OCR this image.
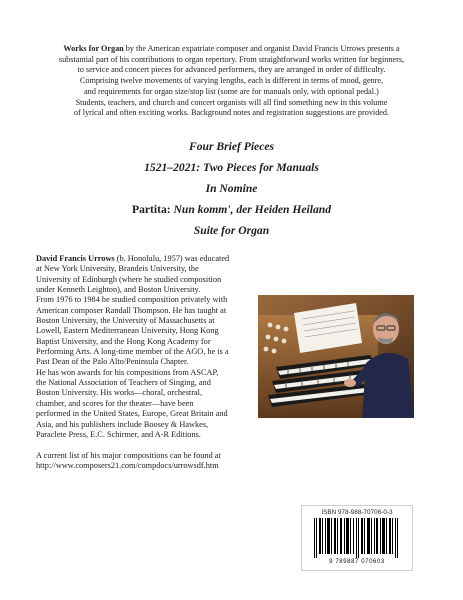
Works for Organ by the American expatriate composer and organist David Francis Urrows presents a

substantial part of his contributions to organ repertory. From straightforward works written for beginners,

to service and concert pieces for advanced performers, they are arranged in order of difficulty.

Comprising twelve movements of varying lengths, each is different in terms of mood, genre,

and requirements for organ size/stop list (some are for manuals only, with optional pedal.)

Students, teachers, and church and concert organists will all find something new in this volume

of lyrical and often exciting works. Background notes and registration suggestions are provided.

Four Brief Pieces
1521–2021: Two Pieces for Manuals
In Nomine
Partita: Nun komm', der Heiden Heiland
Suite for Organ

David Francis Urrows (b. Honolulu, 1957) was educated

at New York University, Brandeis University, the

University of Edinburgh (where he studied composition

under Kenneth Leighton), and Boston University.

From 1976 to 1984 he studied composition privately with

American composer Randall Thompson. He has taught at

Boston University, the University of Massachusetts at

Lowell, Eastern Mediterranean University, Hong Kong

Baptist University, and the Hong Kong Academy for

Performing Arts. A long-time member of the AGO, he is a

Past Dean of the Palo Alto/Peninsula Chapter.

He has won awards for his compositions from ASCAP,

the National Association of Teachers of Singing, and

Boston University. His works—choral, orchestral,

chamber, and scores for the theater—have been

performed in the United States, Europe, Great Britain and

Asia, and his publishers include Boosey & Hawkes,

Paraclete Press, E.C. Schirmer, and A-R Editions.

A current list of his major compositions can be found at

http://www.composers21.com/compdocs/urrowsdf.htm

ISBN 978-988-70706-0-3
9 789887 070603
